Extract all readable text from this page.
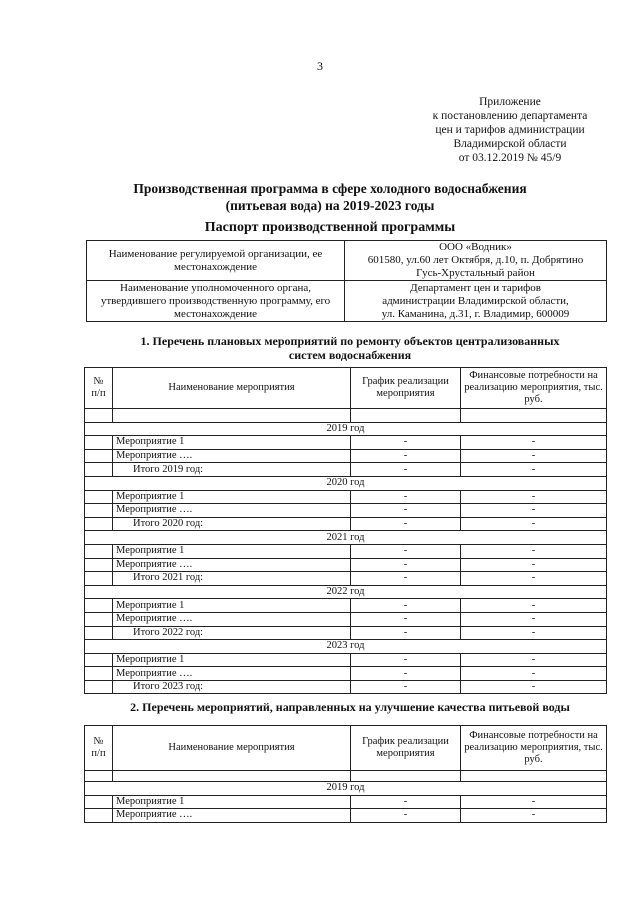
3
Приложение
к постановлению департамента
цен и тарифов администрации
Владимирской области
от 03.12.2019 № 45/9
Производственная программа в сфере холодного водоснабжения
(питьевая вода) на 2019-2023 годы
Паспорт производственной программы
Наименование регулируемой организации, ее местонахождение	ООО «Водник»
601580, ул.60 лет Октября, д.10, п. Добрятино
Гусь-Хрустальный район

Наименование уполномоченного органа, утвердившего производственную программу, его местонахождение	Департамент цен и тарифов
администрации Владимирской области,
ул. Каманина, д.31, г. Владимир, 600009
1. Перечень плановых мероприятий по ремонту объектов централизованных
систем водоснабжения
№ п/п	Наименование мероприятия	График реализации мероприятия	Финансовые потребности на реализацию мероприятия, тыс. руб.

2019 год			
	Мероприятие 1	-	-
	Мероприятие ….	-	-
	Итого 2019 год:	-	-
2020 год			
	Мероприятие 1	-	-
	Мероприятие ….	-	-
	Итого 2020 год:	-	-
2021 год			
	Мероприятие 1	-	-
	Мероприятие ….	-	-
	Итого 2021 год:	-	-
2022 год			
	Мероприятие 1	-	-
	Мероприятие ….	-	-
	Итого 2022 год:	-	-
2023 год			
	Мероприятие 1	-	-
	Мероприятие ….	-	-
	Итого 2023 год:	-	-
2. Перечень мероприятий, направленных на улучшение качества питьевой воды
№ п/п	Наименование мероприятия	График реализации мероприятия	Финансовые потребности на реализацию мероприятия, тыс. руб.

2019 год			
	Мероприятие 1	-	-
	Мероприятие ….	-	-
